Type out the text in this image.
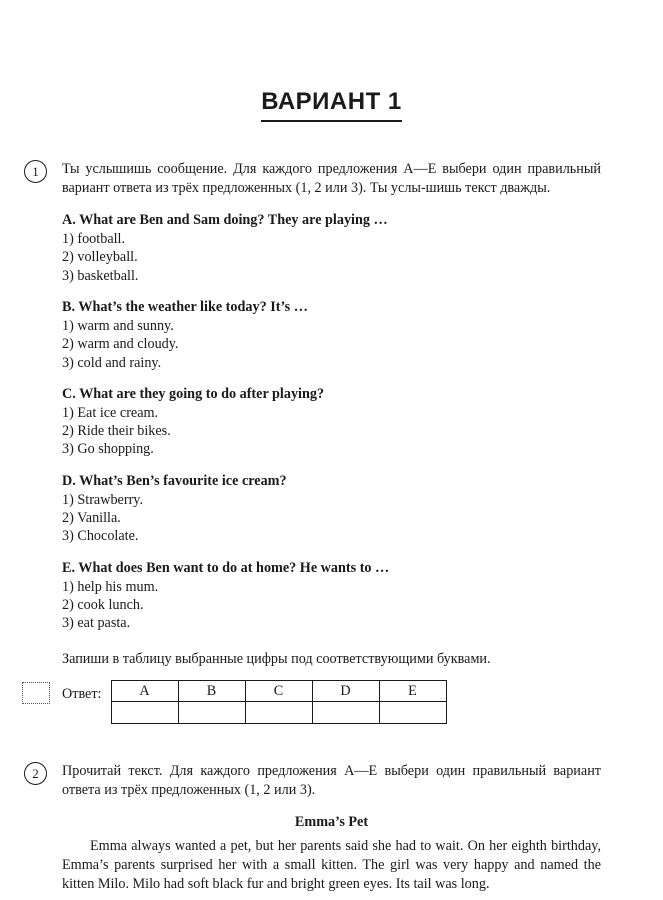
ВАРИАНТ 1
1	Ты услышишь сообщение. Для каждого предложения A—E выбери один правильный вариант ответа из трёх предложенных (1, 2 или 3). Ты услы-шишь текст дважды.
A. What are Ben and Sam doing? They are playing …
1) football.
2) volleyball.
3) basketball.
B. What’s the weather like today? It’s …
1) warm and sunny.
2) warm and cloudy.
3) cold and rainy.
C. What are they going to do after playing?
1) Eat ice cream.
2) Ride their bikes.
3) Go shopping.
D. What’s Ben’s favourite ice cream?
1) Strawberry.
2) Vanilla.
3) Chocolate.
E. What does Ben want to do at home? He wants to …
1) help his mum.
2) cook lunch.
3) eat pasta.
Запиши в таблицу выбранные цифры под соответствующими буквами.
Ответ:	A	B	C	D	E

2	Прочитай текст. Для каждого предложения A—E выбери один правильный вариант ответа из трёх предложенных (1, 2 или 3).
Emma’s Pet
Emma always wanted a pet, but her parents said she had to wait. On her eighth birthday, Emma’s parents surprised her with a small kitten. The girl was very happy and named the kitten Milo. Milo had soft black fur and bright green eyes. Its tail was long.
